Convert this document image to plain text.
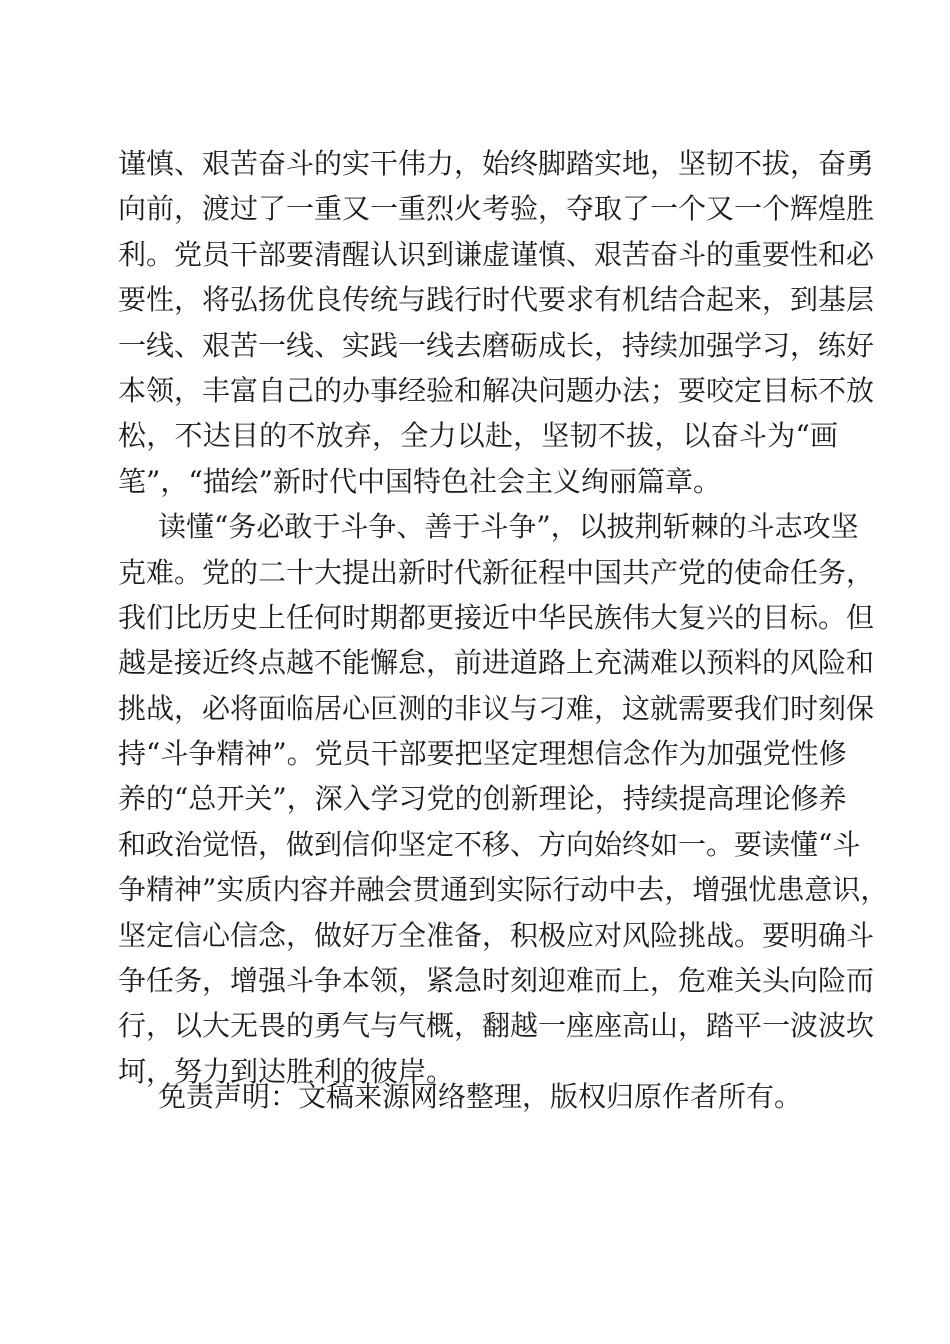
谨慎、艰苦奋斗的实干伟力，始终脚踏实地，坚韧不拔，奋勇
向前，渡过了一重又一重烈火考验，夺取了一个又一个辉煌胜
利。党员干部要清醒认识到谦虚谨慎、艰苦奋斗的重要性和必
要性，将弘扬优良传统与践行时代要求有机结合起来，到基层
一线、艰苦一线、实践一线去磨砺成长，持续加强学习，练好
本领，丰富自己的办事经验和解决问题办法；要咬定目标不放
松，不达目的不放弃，全力以赴，坚韧不拔，以奋斗为“画
笔”，“描绘”新时代中国特色社会主义绚丽篇章。
读懂“务必敢于斗争、善于斗争”，以披荆斩棘的斗志攻坚
克难。党的二十大提出新时代新征程中国共产党的使命任务，
我们比历史上任何时期都更接近中华民族伟大复兴的目标。但
越是接近终点越不能懈怠，前进道路上充满难以预料的风险和
挑战，必将面临居心叵测的非议与刁难，这就需要我们时刻保
持“斗争精神”。党员干部要把坚定理想信念作为加强党性修
养的“总开关”，深入学习党的创新理论，持续提高理论修养
和政治觉悟，做到信仰坚定不移、方向始终如一。要读懂“斗
争精神”实质内容并融会贯通到实际行动中去，增强忧患意识，
坚定信心信念，做好万全准备，积极应对风险挑战。要明确斗
争任务，增强斗争本领，紧急时刻迎难而上，危难关头向险而
行，以大无畏的勇气与气概，翻越一座座高山，踏平一波波坎
坷，努力到达胜利的彼岸。
免责声明：文稿来源网络整理，版权归原作者所有。
